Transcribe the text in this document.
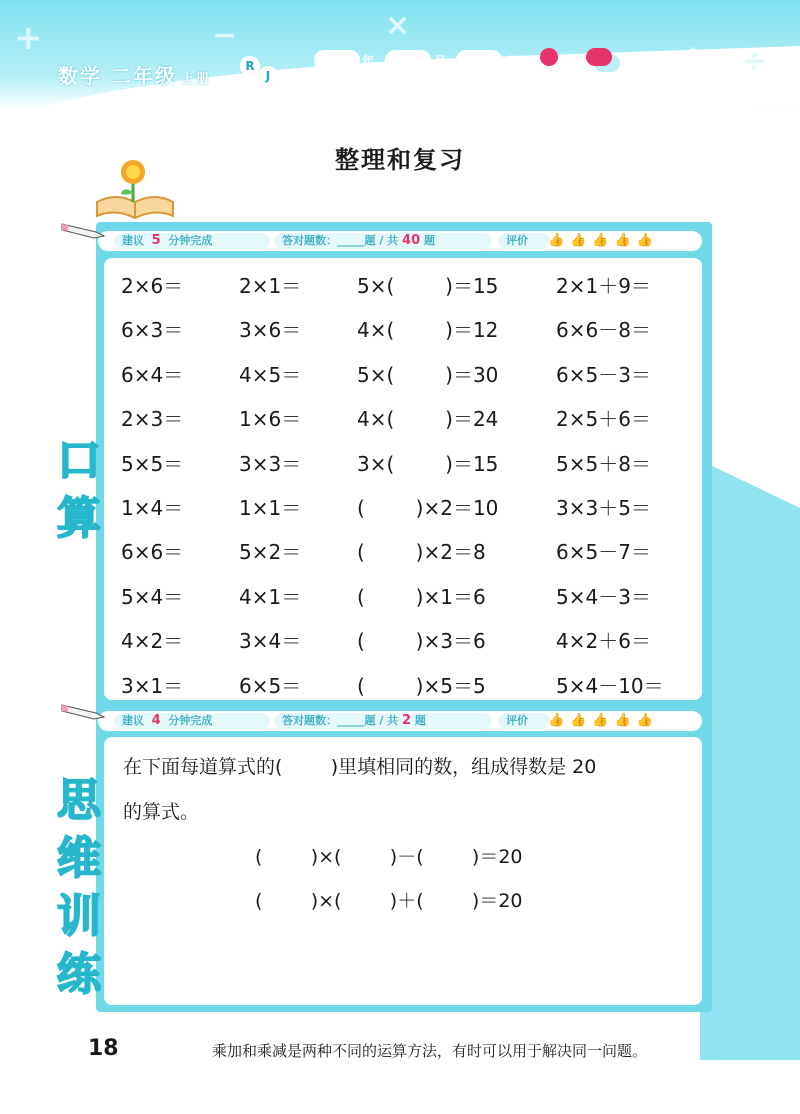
+	×
−
÷
数学 二年级 上册
R
J
年	月	日	❄
整理和复习
建议 5 分钟完成	答对题数：_____题 / 共 40 题	评价	👍👍👍👍👍
口
算
2×6＝	2×1＝	5×(        )＝15	2×1＋9＝
6×3＝	3×6＝	4×(        )＝12	6×6－8＝
6×4＝	4×5＝	5×(        )＝30	6×5－3＝
2×3＝	1×6＝	4×(        )＝24	2×5＋6＝
5×5＝	3×3＝	3×(        )＝15	5×5＋8＝
1×4＝	1×1＝	(        )×2＝10	3×3＋5＝
6×6＝	5×2＝	(        )×2＝8	6×5－7＝
5×4＝	4×1＝	(        )×1＝6	5×4－3＝
4×2＝	3×4＝	(        )×3＝6	4×2＋6＝
3×1＝	6×5＝	(        )×5＝5	5×4－10＝
建议 4 分钟完成	答对题数：_____题 / 共 2 题	评价	👍👍👍👍👍
思
维
训
练
在下面每道算式的(        )里填相同的数，组成得数是 20
的算式。
(        )×(        )－(        )＝20
(        )×(        )＋(        )＝20
18	乘加和乘减是两种不同的运算方法，有时可以用于解决同一问题。
